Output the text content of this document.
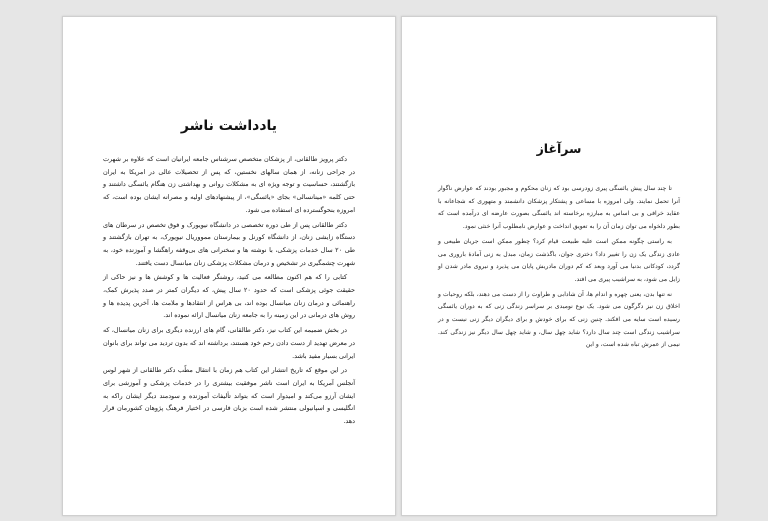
یادداشت ناشر

دکتر پرویز طالقانی، از پزشکان متخصص سرشناس جامعه ایرانیان است که علاوه بر شهرت در جراحی زنانه، از همان سالهای نخستین، که پس از تحصیلات عالی در امریکا به ایران بازگشتند، حساسیت و توجه ویژه ای به مشکلات روانی و بهداشتی زن هنگام یائسگی داشتند و حتی کلمه «مینانسالی» بجای «یائسگی»، از پیشنهادهای اولیه و مصرانه ایشان بوده است، که امروزه بنحوگسترده ای استفاده می شود.

دکتر طالقانی پس از طی دوره تخصصی در دانشگاه نیویورک و فوق تخصص در سرطان های دستگاه زایشی زنان، از دانشگاه کورنل و بیمارستان ممووریال نیویورک، به تهران بازگشتند و طی ۲۰ سال خدمات پزشکی، با نوشته ها و سخنرانی های بی‌وقفه راهگشا و آموزنده خود، به شهرت چشمگیری در تشخیص و درمان مشکلات پزشکی زنان میانسال دست یافتند.

کتابی را که هم اکنون مطالعه می کنید، روشنگر فعالیت ها و کوشش ها و نیز حاکی از حقیقت جوئی پزشکی است که حدود ۲۰ سال پیش، که دیگران کمتر در صدد پذیرش کمک، راهنمائی و درمان زنان میانسال بوده اند، بی هراس از انتقادها و ملامت ها، آخرین پدیده ها و روش های درمانی در این زمینه را به جامعه زنان میانسال ارائه نموده اند.

در بخش ضمیمه این کتاب نیز، دکتر طالقانی، گام های ارزنده دیگری برای زنان میانسال، که در معرض تهدید از دست دادن رحم خود هستند، برداشته اند که بدون تردید می تواند برای بانوان ایرانی بسیار مفید باشد.

در این موقع که تاریخ انتشار این کتاب هم زمان با انتقال مطّب دکتر طالقانی از شهر لوس آنجلس آمریکا به ایران است ناشر موفقیت بیشتری را در خدمات پزشکی و آموزشی برای ایشان آرزو می‌کند و امیدوار است که بتواند تألیفات آموزنده و سودمند دیگر ایشان راکه به انگلیسی و اسپانیولی منتشر شده است بزبان فارسی در اختیار فرهنگ پژوهان کشورمان قرار دهد.

سرآغاز

تا چند سال پیش یائسگی پیری زودرسی بود که زنان محکوم و مجبور بودند که عوارض ناگوار آنرا تحمل نمایند. ولی امروزه با مساعی و پشتکار پزشکان دانشمند و متهوری که شجاعانه با عقاید خرافی و بی اساس به مبارزه برخاسته اند یائسگی بصورت عارضه ای درآمده است که بطور دلخواه می توان زمان آن را به تعویق انداخت و عوارض نامطلوب آنرا خنثی نمود.

به راستی چگونه ممکن است علیه طبیعت قیام کرد؟ چطور ممکن است جریان طبیعی و عادی زندگی یک زن را تغییر داد؟ دختری جوان، باگذشت زمان، مبدل به زنی آمادهٔ باروری می گردد، کودکانی بدنیا می آورد وبعد که کم دوران مادریش پایان می پذیرد و نیروی مادر شدن او زایل می شود، به سراشیب پیری می افتد.

نه تنها بدن، یعنی چهره و اندام ها، آن شادابی و طراوت را از دست می دهند، بلکه روحیات و اخلاق زن نیز دگرگون می شود. یک نوع نومیدی بر سراسر زندگی زنی که به دوران یائسگی رسیده است سایه می افکند. چنین زنی که برای خودش و برای دیگران دیگر زنی نیست و در سراشیب زندگی است چند سال دارد؟ شاید چهل سال، و شاید چهل سال دیگر نیز زندگی کند. نیمی از عمرش تباه شده است، و این
